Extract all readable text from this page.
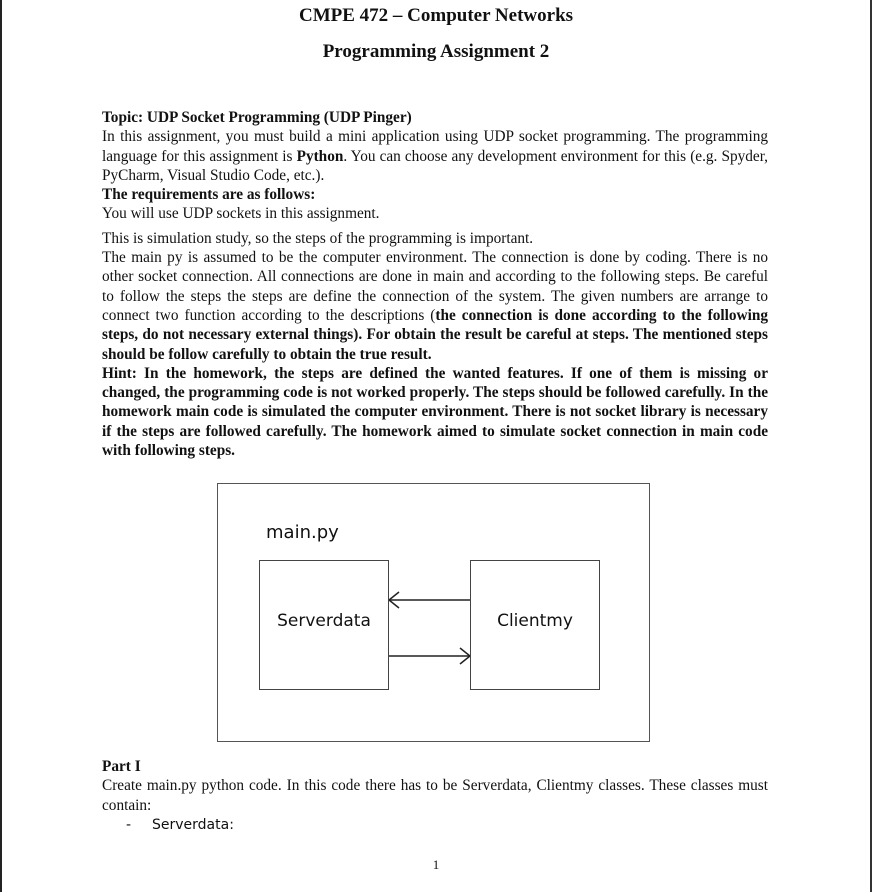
CMPE 472 – Computer Networks
Programming Assignment 2

Topic: UDP Socket Programming (UDP Pinger)

In this assignment, you must build a mini application using UDP socket programming. The programming language for this assignment is Python. You can choose any development environment for this (e.g. Spyder, PyCharm, Visual Studio Code, etc.).

The requirements are as follows:

You will use UDP sockets in this assignment.

This is simulation study, so the steps of the programming is important.
The main py is assumed to be the computer environment. The connection is done by coding. There is no other socket connection. All connections are done in main and according to the following steps. Be careful to follow the steps the steps are define the connection of the system. The given numbers are arrange to connect two function according to the descriptions (the connection is done according to the following steps, do not necessary external things). For obtain the result be careful at steps. The mentioned steps should be follow carefully to obtain the true result.

Hint: In the homework, the steps are defined the wanted features. If one of them is missing or changed, the programming code is not worked properly. The steps should be followed carefully. In the homework main code is simulated the computer environment. There is not socket library is necessary if the steps are followed carefully. The homework aimed to simulate socket connection in main code with following steps.

main.py
Serverdata	Clientmy

Part I

Create main.py python code. In this code there has to be Serverdata, Clientmy classes. These classes must contain:

- Serverdata:
1
